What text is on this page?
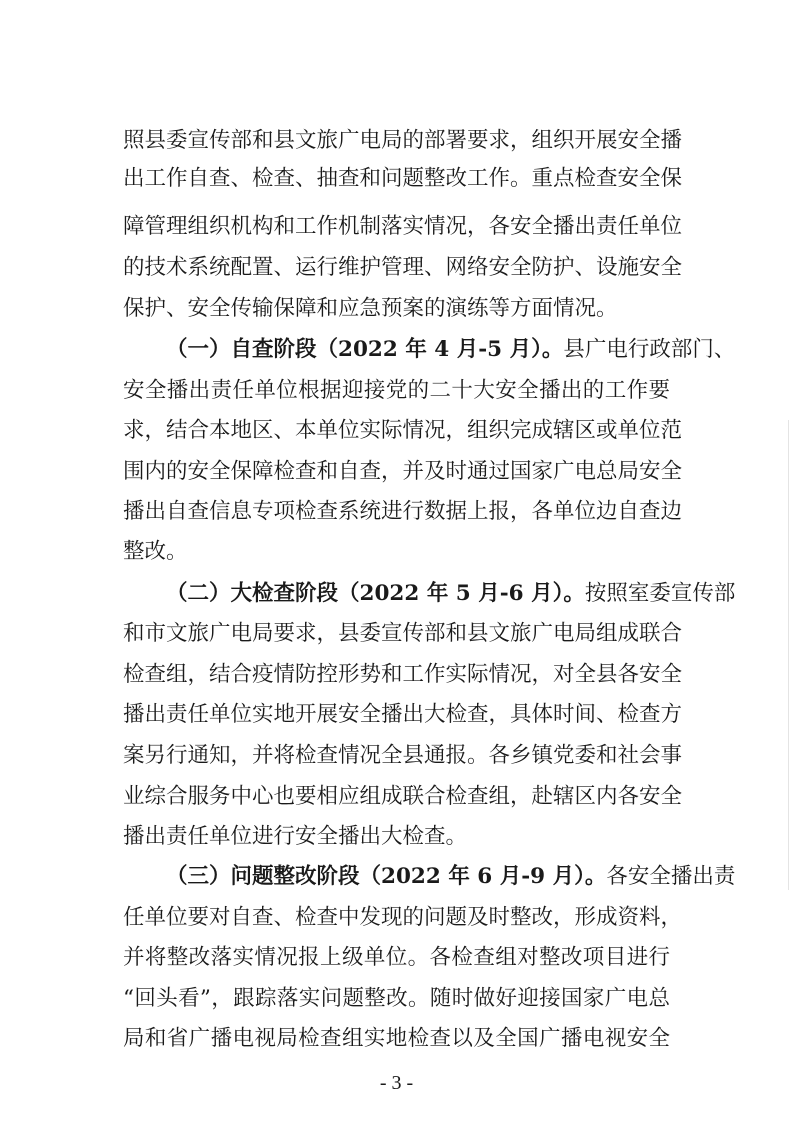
照县委宣传部和县文旅广电局的部署要求，组织开展安全播
出工作自查、检查、抽查和问题整改工作。重点检查安全保
障管理组织机构和工作机制落实情况，各安全播出责任单位
的技术系统配置、运行维护管理、网络安全防护、设施安全
保护、安全传输保障和应急预案的演练等方面情况。
（一）自查阶段（2022 年 4 月-5 月）。县广电行政部门、
安全播出责任单位根据迎接党的二十大安全播出的工作要
求，结合本地区、本单位实际情况，组织完成辖区或单位范
围内的安全保障检查和自查，并及时通过国家广电总局安全
播出自查信息专项检查系统进行数据上报，各单位边自查边
整改。
（二）大检查阶段（2022 年 5 月-6 月）。按照室委宣传部
和市文旅广电局要求，县委宣传部和县文旅广电局组成联合
检查组，结合疫情防控形势和工作实际情况，对全县各安全
播出责任单位实地开展安全播出大检查，具体时间、检查方
案另行通知，并将检查情况全县通报。各乡镇党委和社会事
业综合服务中心也要相应组成联合检查组，赴辖区内各安全
播出责任单位进行安全播出大检查。
（三）问题整改阶段（2022 年 6 月-9 月）。各安全播出责
任单位要对自查、检查中发现的问题及时整改，形成资料，
并将整改落实情况报上级单位。各检查组对整改项目进行
“回头看”，跟踪落实问题整改。随时做好迎接国家广电总
局和省广播电视局检查组实地检查以及全国广播电视安全
- 3 -
